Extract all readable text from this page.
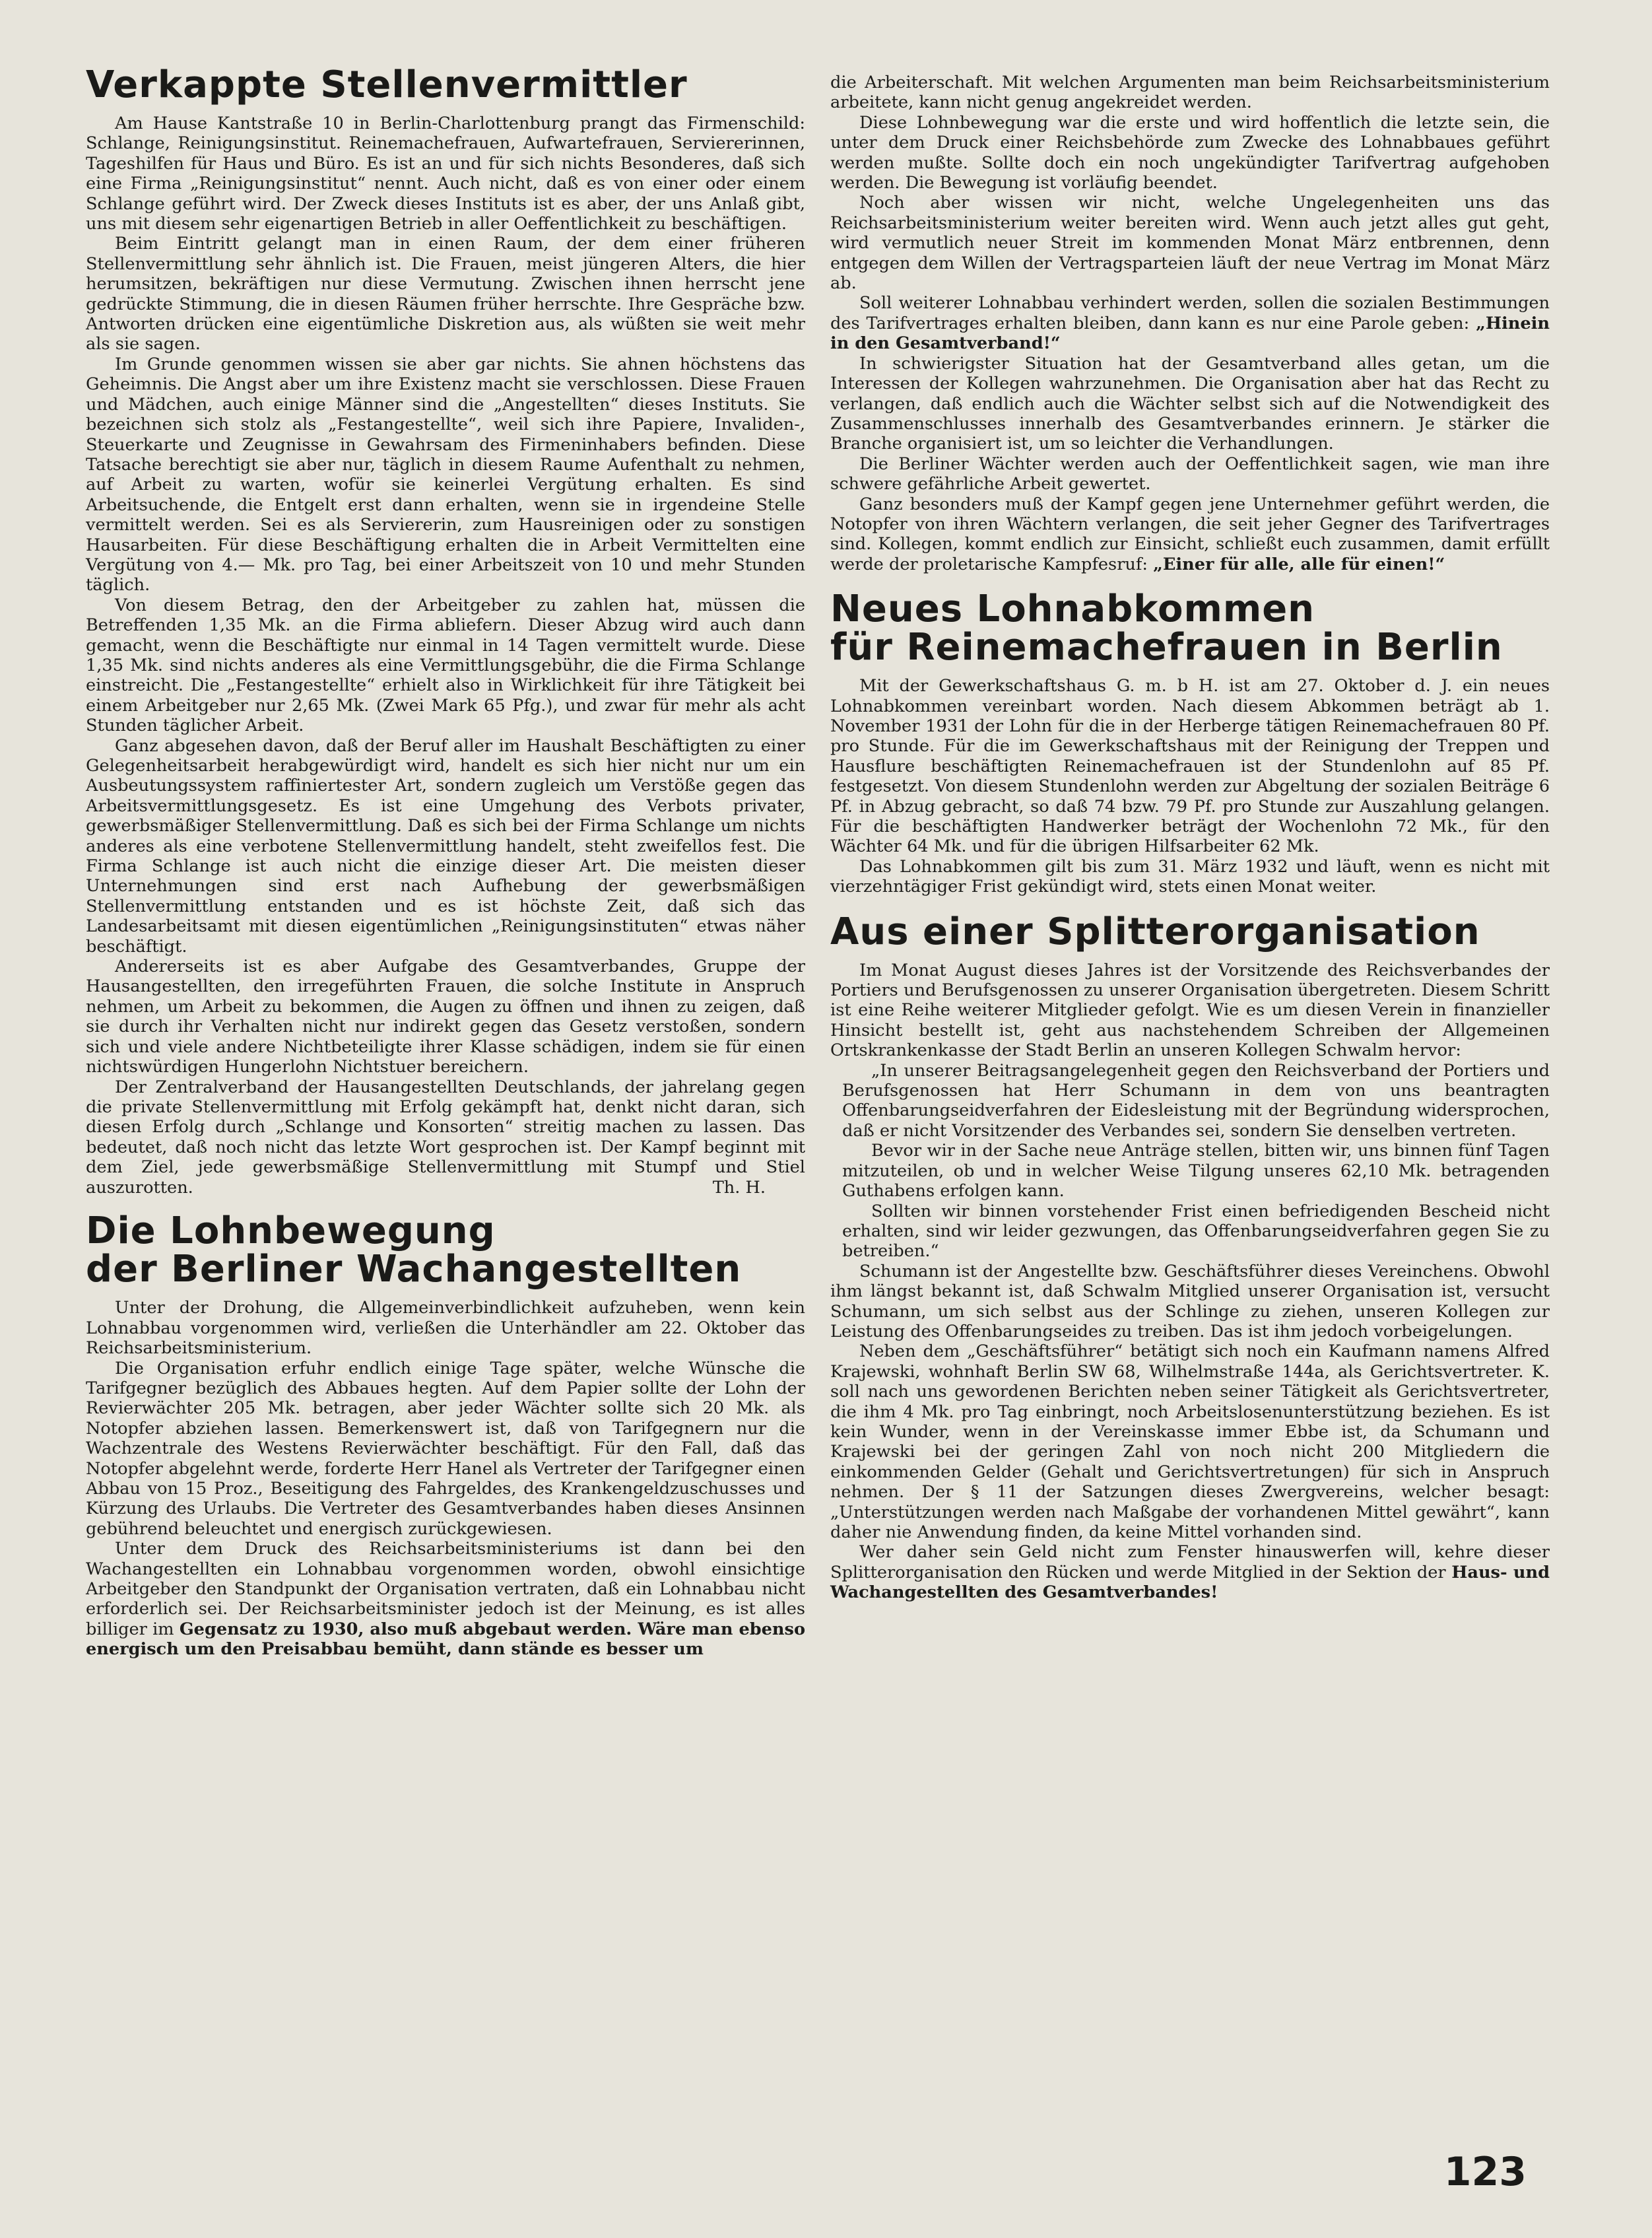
Verkappte Stellenvermittler

Am Hause Kantstraße 10 in Berlin-Charlottenburg prangt das Firmenschild: Schlange, Reinigungsinstitut. Reinemachefrauen, Aufwartefrauen, Serviererinnen, Tageshilfen für Haus und Büro. Es ist an und für sich nichts Besonderes, daß sich eine Firma „Reinigungsinstitut“ nennt. Auch nicht, daß es von einer oder einem Schlange geführt wird. Der Zweck dieses Instituts ist es aber, der uns Anlaß gibt, uns mit diesem sehr eigenartigen Betrieb in aller Oeffentlichkeit zu beschäftigen.

Beim Eintritt gelangt man in einen Raum, der dem einer früheren Stellenvermittlung sehr ähnlich ist. Die Frauen, meist jüngeren Alters, die hier herumsitzen, bekräftigen nur diese Vermutung. Zwischen ihnen herrscht jene gedrückte Stimmung, die in diesen Räumen früher herrschte. Ihre Gespräche bzw. Antworten drücken eine eigentümliche Diskretion aus, als wüßten sie weit mehr als sie sagen.

Im Grunde genommen wissen sie aber gar nichts. Sie ahnen höchstens das Geheimnis. Die Angst aber um ihre Existenz macht sie verschlossen. Diese Frauen und Mädchen, auch einige Männer sind die „Angestellten“ dieses Instituts. Sie bezeichnen sich stolz als „Festangestellte“, weil sich ihre Papiere, Invaliden-, Steuerkarte und Zeugnisse in Gewahrsam des Firmeninhabers befinden. Diese Tatsache berechtigt sie aber nur, täglich in diesem Raume Aufenthalt zu nehmen, auf Arbeit zu warten, wofür sie keinerlei Vergütung erhalten. Es sind Arbeitsuchende, die Entgelt erst dann erhalten, wenn sie in irgendeine Stelle vermittelt werden. Sei es als Serviererin, zum Hausreinigen oder zu sonstigen Hausarbeiten. Für diese Beschäftigung erhalten die in Arbeit Vermittelten eine Vergütung von 4.— Mk. pro Tag, bei einer Arbeitszeit von 10 und mehr Stunden täglich.

Von diesem Betrag, den der Arbeitgeber zu zahlen hat, müssen die Betreffenden 1,35 Mk. an die Firma abliefern. Dieser Abzug wird auch dann gemacht, wenn die Beschäftigte nur einmal in 14 Tagen vermittelt wurde. Diese 1,35 Mk. sind nichts anderes als eine Vermittlungsgebühr, die die Firma Schlange einstreicht. Die „Festangestellte“ erhielt also in Wirklichkeit für ihre Tätigkeit bei einem Arbeitgeber nur 2,65 Mk. (Zwei Mark 65 Pfg.), und zwar für mehr als acht Stunden täglicher Arbeit.

Ganz abgesehen davon, daß der Beruf aller im Haushalt Beschäftigten zu einer Gelegenheitsarbeit herabgewürdigt wird, handelt es sich hier nicht nur um ein Ausbeutungssystem raffiniertester Art, sondern zugleich um Verstöße gegen das Arbeitsvermittlungsgesetz. Es ist eine Umgehung des Verbots privater, gewerbsmäßiger Stellenvermittlung. Daß es sich bei der Firma Schlange um nichts anderes als eine verbotene Stellenvermittlung handelt, steht zweifellos fest. Die Firma Schlange ist auch nicht die einzige dieser Art. Die meisten dieser Unternehmungen sind erst nach Aufhebung der gewerbsmäßigen Stellenvermittlung entstanden und es ist höchste Zeit, daß sich das Landesarbeitsamt mit diesen eigentümlichen „Reinigungsinstituten“ etwas näher beschäftigt.

Andererseits ist es aber Aufgabe des Gesamtverbandes, Gruppe der Hausangestellten, den irregeführten Frauen, die solche Institute in Anspruch nehmen, um Arbeit zu bekommen, die Augen zu öffnen und ihnen zu zeigen, daß sie durch ihr Verhalten nicht nur indirekt gegen das Gesetz verstoßen, sondern sich und viele andere Nichtbeteiligte ihrer Klasse schädigen, indem sie für einen nichtswürdigen Hungerlohn Nichtstuer bereichern.

Der Zentralverband der Hausangestellten Deutschlands, der jahrelang gegen die private Stellenvermittlung mit Erfolg gekämpft hat, denkt nicht daran, sich diesen Erfolg durch „Schlange und Konsorten“ streitig machen zu lassen. Das bedeutet, daß noch nicht das letzte Wort gesprochen ist. Der Kampf beginnt mit dem Ziel, jede gewerbsmäßige Stellenvermittlung mit Stumpf und Stiel auszurotten.	Th. H.
Die Lohnbewegung
der Berliner Wachangestellten

Unter der Drohung, die Allgemeinverbindlichkeit aufzuheben, wenn kein Lohnabbau vorgenommen wird, verließen die Unterhändler am 22. Oktober das Reichsarbeitsministerium.

Die Organisation erfuhr endlich einige Tage später, welche Wünsche die Tarifgegner bezüglich des Abbaues hegten. Auf dem Papier sollte der Lohn der Revierwächter 205 Mk. betragen, aber jeder Wächter sollte sich 20 Mk. als Notopfer abziehen lassen. Bemerkenswert ist, daß von Tarifgegnern nur die Wachzentrale des Westens Revierwächter beschäftigt. Für den Fall, daß das Notopfer abgelehnt werde, forderte Herr Hanel als Vertreter der Tarifgegner einen Abbau von 15 Proz., Beseitigung des Fahrgeldes, des Krankengeldzuschusses und Kürzung des Urlaubs. Die Vertreter des Gesamtverbandes haben dieses Ansinnen gebührend beleuchtet und energisch zurückgewiesen.

Unter dem Druck des Reichsarbeitsministeriums ist dann bei den Wachangestellten ein Lohnabbau vorgenommen worden, obwohl einsichtige Arbeitgeber den Standpunkt der Organisation vertraten, daß ein Lohnabbau nicht erforderlich sei. Der Reichsarbeitsminister jedoch ist der Meinung, es ist alles billiger im Gegensatz zu 1930, also muß abgebaut werden. Wäre man ebenso energisch um den Preisabbau bemüht, dann stände es besser um

die Arbeiterschaft. Mit welchen Argumenten man beim Reichsarbeitsministerium arbeitete, kann nicht genug angekreidet werden.

Diese Lohnbewegung war die erste und wird hoffentlich die letzte sein, die unter dem Druck einer Reichsbehörde zum Zwecke des Lohnabbaues geführt werden mußte. Sollte doch ein noch ungekündigter Tarifvertrag aufgehoben werden. Die Bewegung ist vorläufig beendet.

Noch aber wissen wir nicht, welche Ungelegenheiten uns das Reichsarbeitsministerium weiter bereiten wird. Wenn auch jetzt alles gut geht, wird vermutlich neuer Streit im kommenden Monat März entbrennen, denn entgegen dem Willen der Vertragsparteien läuft der neue Vertrag im Monat März ab.

Soll weiterer Lohnabbau verhindert werden, sollen die sozialen Bestimmungen des Tarifvertrages erhalten bleiben, dann kann es nur eine Parole geben: „Hinein in den Gesamtverband!“

In schwierigster Situation hat der Gesamtverband alles getan, um die Interessen der Kollegen wahrzunehmen. Die Organisation aber hat das Recht zu verlangen, daß endlich auch die Wächter selbst sich auf die Notwendigkeit des Zusammenschlusses innerhalb des Gesamtverbandes erinnern. Je stärker die Branche organisiert ist, um so leichter die Verhandlungen.

Die Berliner Wächter werden auch der Oeffentlichkeit sagen, wie man ihre schwere gefährliche Arbeit gewertet.

Ganz besonders muß der Kampf gegen jene Unternehmer geführt werden, die Notopfer von ihren Wächtern verlangen, die seit jeher Gegner des Tarifvertrages sind. Kollegen, kommt endlich zur Einsicht, schließt euch zusammen, damit erfüllt werde der proletarische Kampfesruf: „Einer für alle, alle für einen!“

Neues Lohnabkommen
für Reinemachefrauen in Berlin

Mit der Gewerkschaftshaus G. m. b H. ist am 27. Oktober d. J. ein neues Lohnabkommen vereinbart worden. Nach diesem Abkommen beträgt ab 1. November 1931 der Lohn für die in der Herberge tätigen Reinemachefrauen 80 Pf. pro Stunde. Für die im Gewerkschaftshaus mit der Reinigung der Treppen und Hausflure beschäftigten Reinemachefrauen ist der Stundenlohn auf 85 Pf. festgesetzt. Von diesem Stundenlohn werden zur Abgeltung der sozialen Beiträge 6 Pf. in Abzug gebracht, so daß 74 bzw. 79 Pf. pro Stunde zur Auszahlung gelangen. Für die beschäftigten Handwerker beträgt der Wochenlohn 72 Mk., für den Wächter 64 Mk. und für die übrigen Hilfsarbeiter 62 Mk.

Das Lohnabkommen gilt bis zum 31. März 1932 und läuft, wenn es nicht mit vierzehntägiger Frist gekündigt wird, stets einen Monat weiter.

Aus einer Splitterorganisation

Im Monat August dieses Jahres ist der Vorsitzende des Reichsverbandes der Portiers und Berufsgenossen zu unserer Organisation übergetreten. Diesem Schritt ist eine Reihe weiterer Mitglieder gefolgt. Wie es um diesen Verein in finanzieller Hinsicht bestellt ist, geht aus nachstehendem Schreiben der Allgemeinen Ortskrankenkasse der Stadt Berlin an unseren Kollegen Schwalm hervor:

„In unserer Beitragsangelegenheit gegen den Reichsverband der Portiers und Berufsgenossen hat Herr Schumann in dem von uns beantragten Offenbarungseidverfahren der Eidesleistung mit der Begründung widersprochen, daß er nicht Vorsitzender des Verbandes sei, sondern Sie denselben vertreten.

Bevor wir in der Sache neue Anträge stellen, bitten wir, uns binnen fünf Tagen mitzuteilen, ob und in welcher Weise Tilgung unseres 62,10 Mk. betragenden Guthabens erfolgen kann.

Sollten wir binnen vorstehender Frist einen befriedigenden Bescheid nicht erhalten, sind wir leider gezwungen, das Offenbarungseidverfahren gegen Sie zu betreiben.“

Schumann ist der Angestellte bzw. Geschäftsführer dieses Vereinchens. Obwohl ihm längst bekannt ist, daß Schwalm Mitglied unserer Organisation ist, versucht Schumann, um sich selbst aus der Schlinge zu ziehen, unseren Kollegen zur Leistung des Offenbarungseides zu treiben. Das ist ihm jedoch vorbeigelungen.

Neben dem „Geschäftsführer“ betätigt sich noch ein Kaufmann namens Alfred Krajewski, wohnhaft Berlin SW 68, Wilhelmstraße 144a, als Gerichtsvertreter. K. soll nach uns gewordenen Berichten neben seiner Tätigkeit als Gerichtsvertreter, die ihm 4 Mk. pro Tag einbringt, noch Arbeitslosenunterstützung beziehen. Es ist kein Wunder, wenn in der Vereinskasse immer Ebbe ist, da Schumann und Krajewski bei der geringen Zahl von noch nicht 200 Mitgliedern die einkommenden Gelder (Gehalt und Gerichtsvertretungen) für sich in Anspruch nehmen. Der § 11 der Satzungen dieses Zwergvereins, welcher besagt: „Unterstützungen werden nach Maßgabe der vorhandenen Mittel gewährt“, kann daher nie Anwendung finden, da keine Mittel vorhanden sind.

Wer daher sein Geld nicht zum Fenster hinauswerfen will, kehre dieser Splitterorganisation den Rücken und werde Mitglied in der Sektion der Haus- und Wachangestellten des Gesamtverbandes!

123
